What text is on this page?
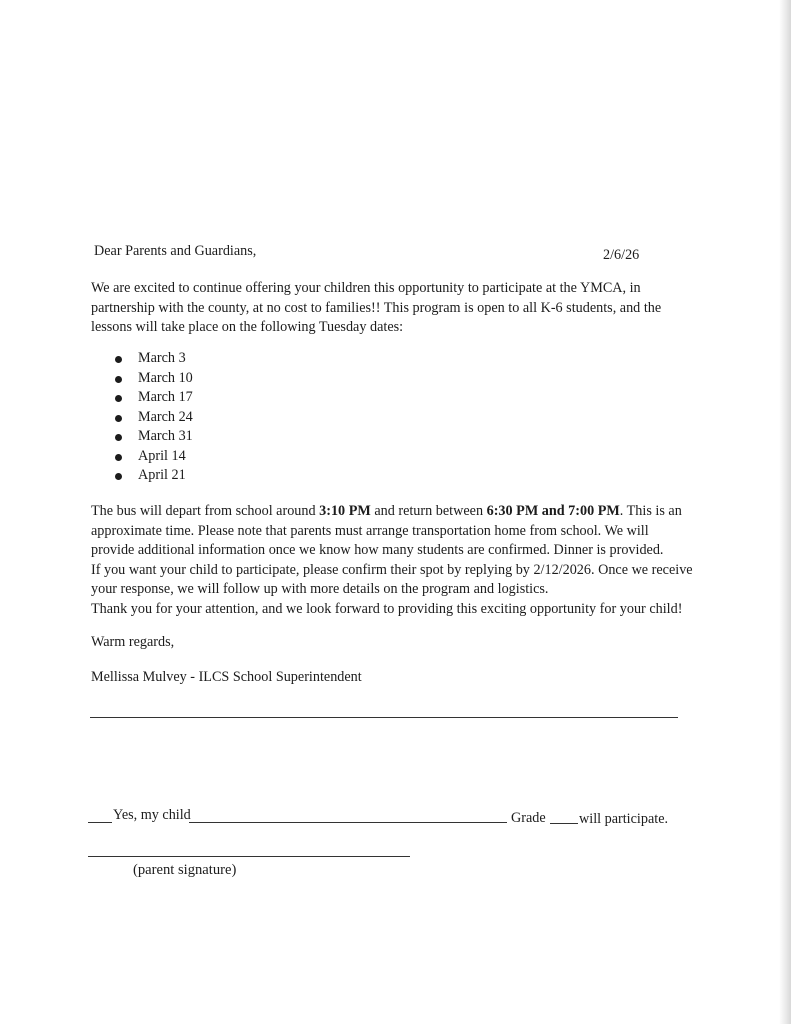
Dear Parents and Guardians,	2/6/26
We are excited to continue offering your children this opportunity to participate at the YMCA, in
partnership with the county, at no cost to families!! This program is open to all K-6 students, and the
lessons will take place on the following Tuesday dates:
March 3
March 10
March 17
March 24
March 31
April 14
April 21
The bus will depart from school around 3:10 PM and return between 6:30 PM and 7:00 PM. This is an
approximate time. Please note that parents must arrange transportation home from school. We will
provide additional information once we know how many students are confirmed. Dinner is provided.
If you want your child to participate, please confirm their spot by replying by 2/12/2026. Once we receive
your response, we will follow up with more details on the program and logistics.
Thank you for your attention, and we look forward to providing this exciting opportunity for your child!
Warm regards,
Mellissa Mulvey - ILCS School Superintendent
Yes, my child	Grade will participate.
(parent signature)
